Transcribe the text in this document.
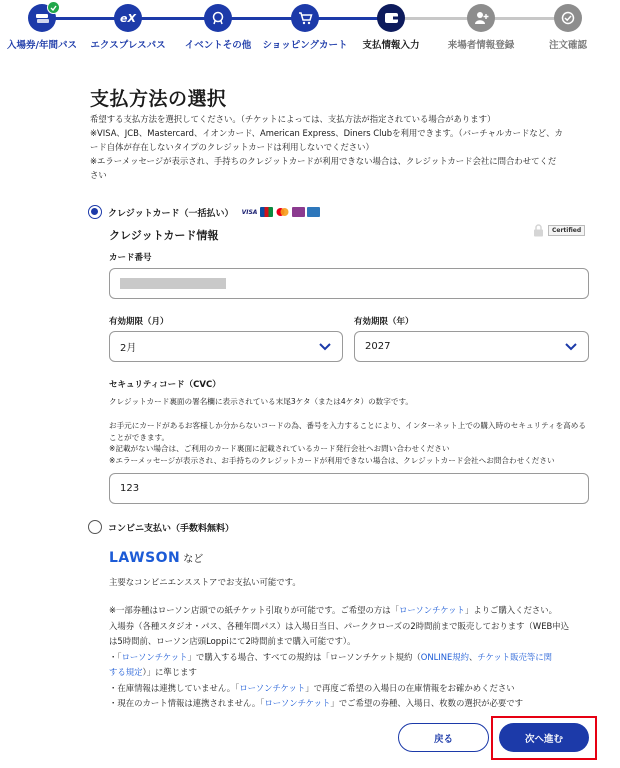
入場券/年間パス
eX
エクスプレスパス	イベントその他	ショッピングカート	支払情報入力	来場者情報登録	注文確認
支払方法の選択

希望する支払方法を選択してください。（チケットによっては、支払方法が指定されている場合があります）

※VISA、JCB、Mastercard、イオンカード、American Express、Diners Clubを利用できます。（バーチャルカードなど、カ

ード自体が存在しないタイプのクレジットカードは利用しないでください）

※エラーメッセージが表示され、手持ちのクレジットカードが利用できない場合は、クレジットカード会社に問合わせてくだ

さい

クレジットカード（一括払い） VISA
クレジットカード情報	Certified
カード番号
有効期限（月）
2月
有効期限（年）
2027
セキュリティコード（CVC）
クレジットカード裏面の署名欄に表示されている末尾3ケタ（または4ケタ）の数字です。
お手元にカードがあるお客様しか分からないコードの為、番号を入力することにより、インターネット上での購入時のセキュリティを高める
ことができます。
※記載がない場合は、ご利用のカード裏面に記載されているカード発行会社へお問い合わせください
※エラーメッセージが表示され、お手持ちのクレジットカードが利用できない場合は、クレジットカード会社へお問合わせください
123
コンビニ支払い（手数料無料）
LAWSON など
主要なコンビニエンスストアでお支払い可能です。
※一部券種はローソン店頭での紙チケット引取りが可能です。ご希望の方は「ローソンチケット」よりご購入ください。
入場券（各種スタジオ・パス、各種年間パス）は入場日当日、パーククローズの2時間前まで販売しております（WEB申込
は5時間前、ローソン店頭Loppiにて2時間前まで購入可能です）。
・「ローソンチケット」で購入する場合、すべての規約は「ローソンチケット規約（ONLINE規約、チケット販売等に関
する規定）」に準じます
・在庫情報は連携していません。「ローソンチケット」で再度ご希望の入場日の在庫情報をお確かめください
・現在のカート情報は連携されません。「ローソンチケット」でご希望の券種、入場日、枚数の選択が必要です
戻る	次へ進む
